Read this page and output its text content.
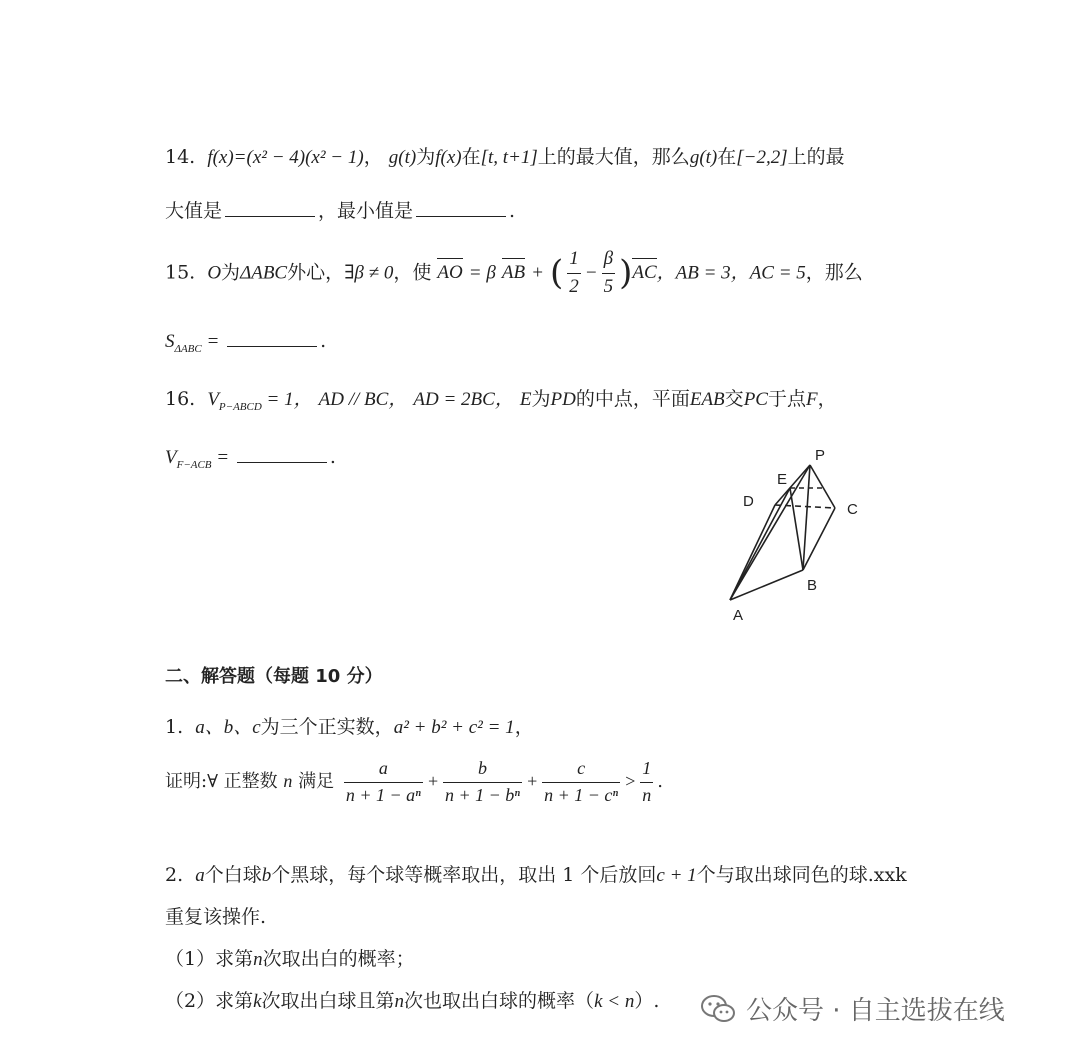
14. f(x)=(x² − 4)(x² − 1)， g(t)为f(x)在[t, t+1]上的最大值，那么g(t)在[−2,2]上的最
大值是	，最小值是	.
15. O为ΔABC外心，∃β ≠ 0，使 AO = β AB + ( $\frac{1}{2} - \frac{\beta}{5} )AC$，AB = 3，AC = 5，那么
$S_{\Delta ABC}$ =	.
16. $V_{P-ABCD} = 1$， AD // BC， AD = 2BC， E为PD的中点，平面EAB交PC于点F，
$V_{F-ACB}$ =	.	P
E
D	C
B
A
二、解答题（每题 10 分）
1. a、b、c为三个正实数，a² + b² + c² = 1，
证明:∀ 正整数 n 满足 $\frac{a}{\text{n + 1 − aⁿ}} + \frac{b}{\text{n + 1 − bⁿ}} + \frac{c}{\text{n + 1 − cⁿ}} > \frac{1}{n}$ .
2. a个白球b个黑球，每个球等概率取出，取出 1 个后放回c + 1个与取出球同色的球.xxk
重复该操作.
（1）求第n次取出白的概率；
（2）求第k次取出白球且第n次也取出白球的概率（k < n）.	公众号 · 自主选拔在线
